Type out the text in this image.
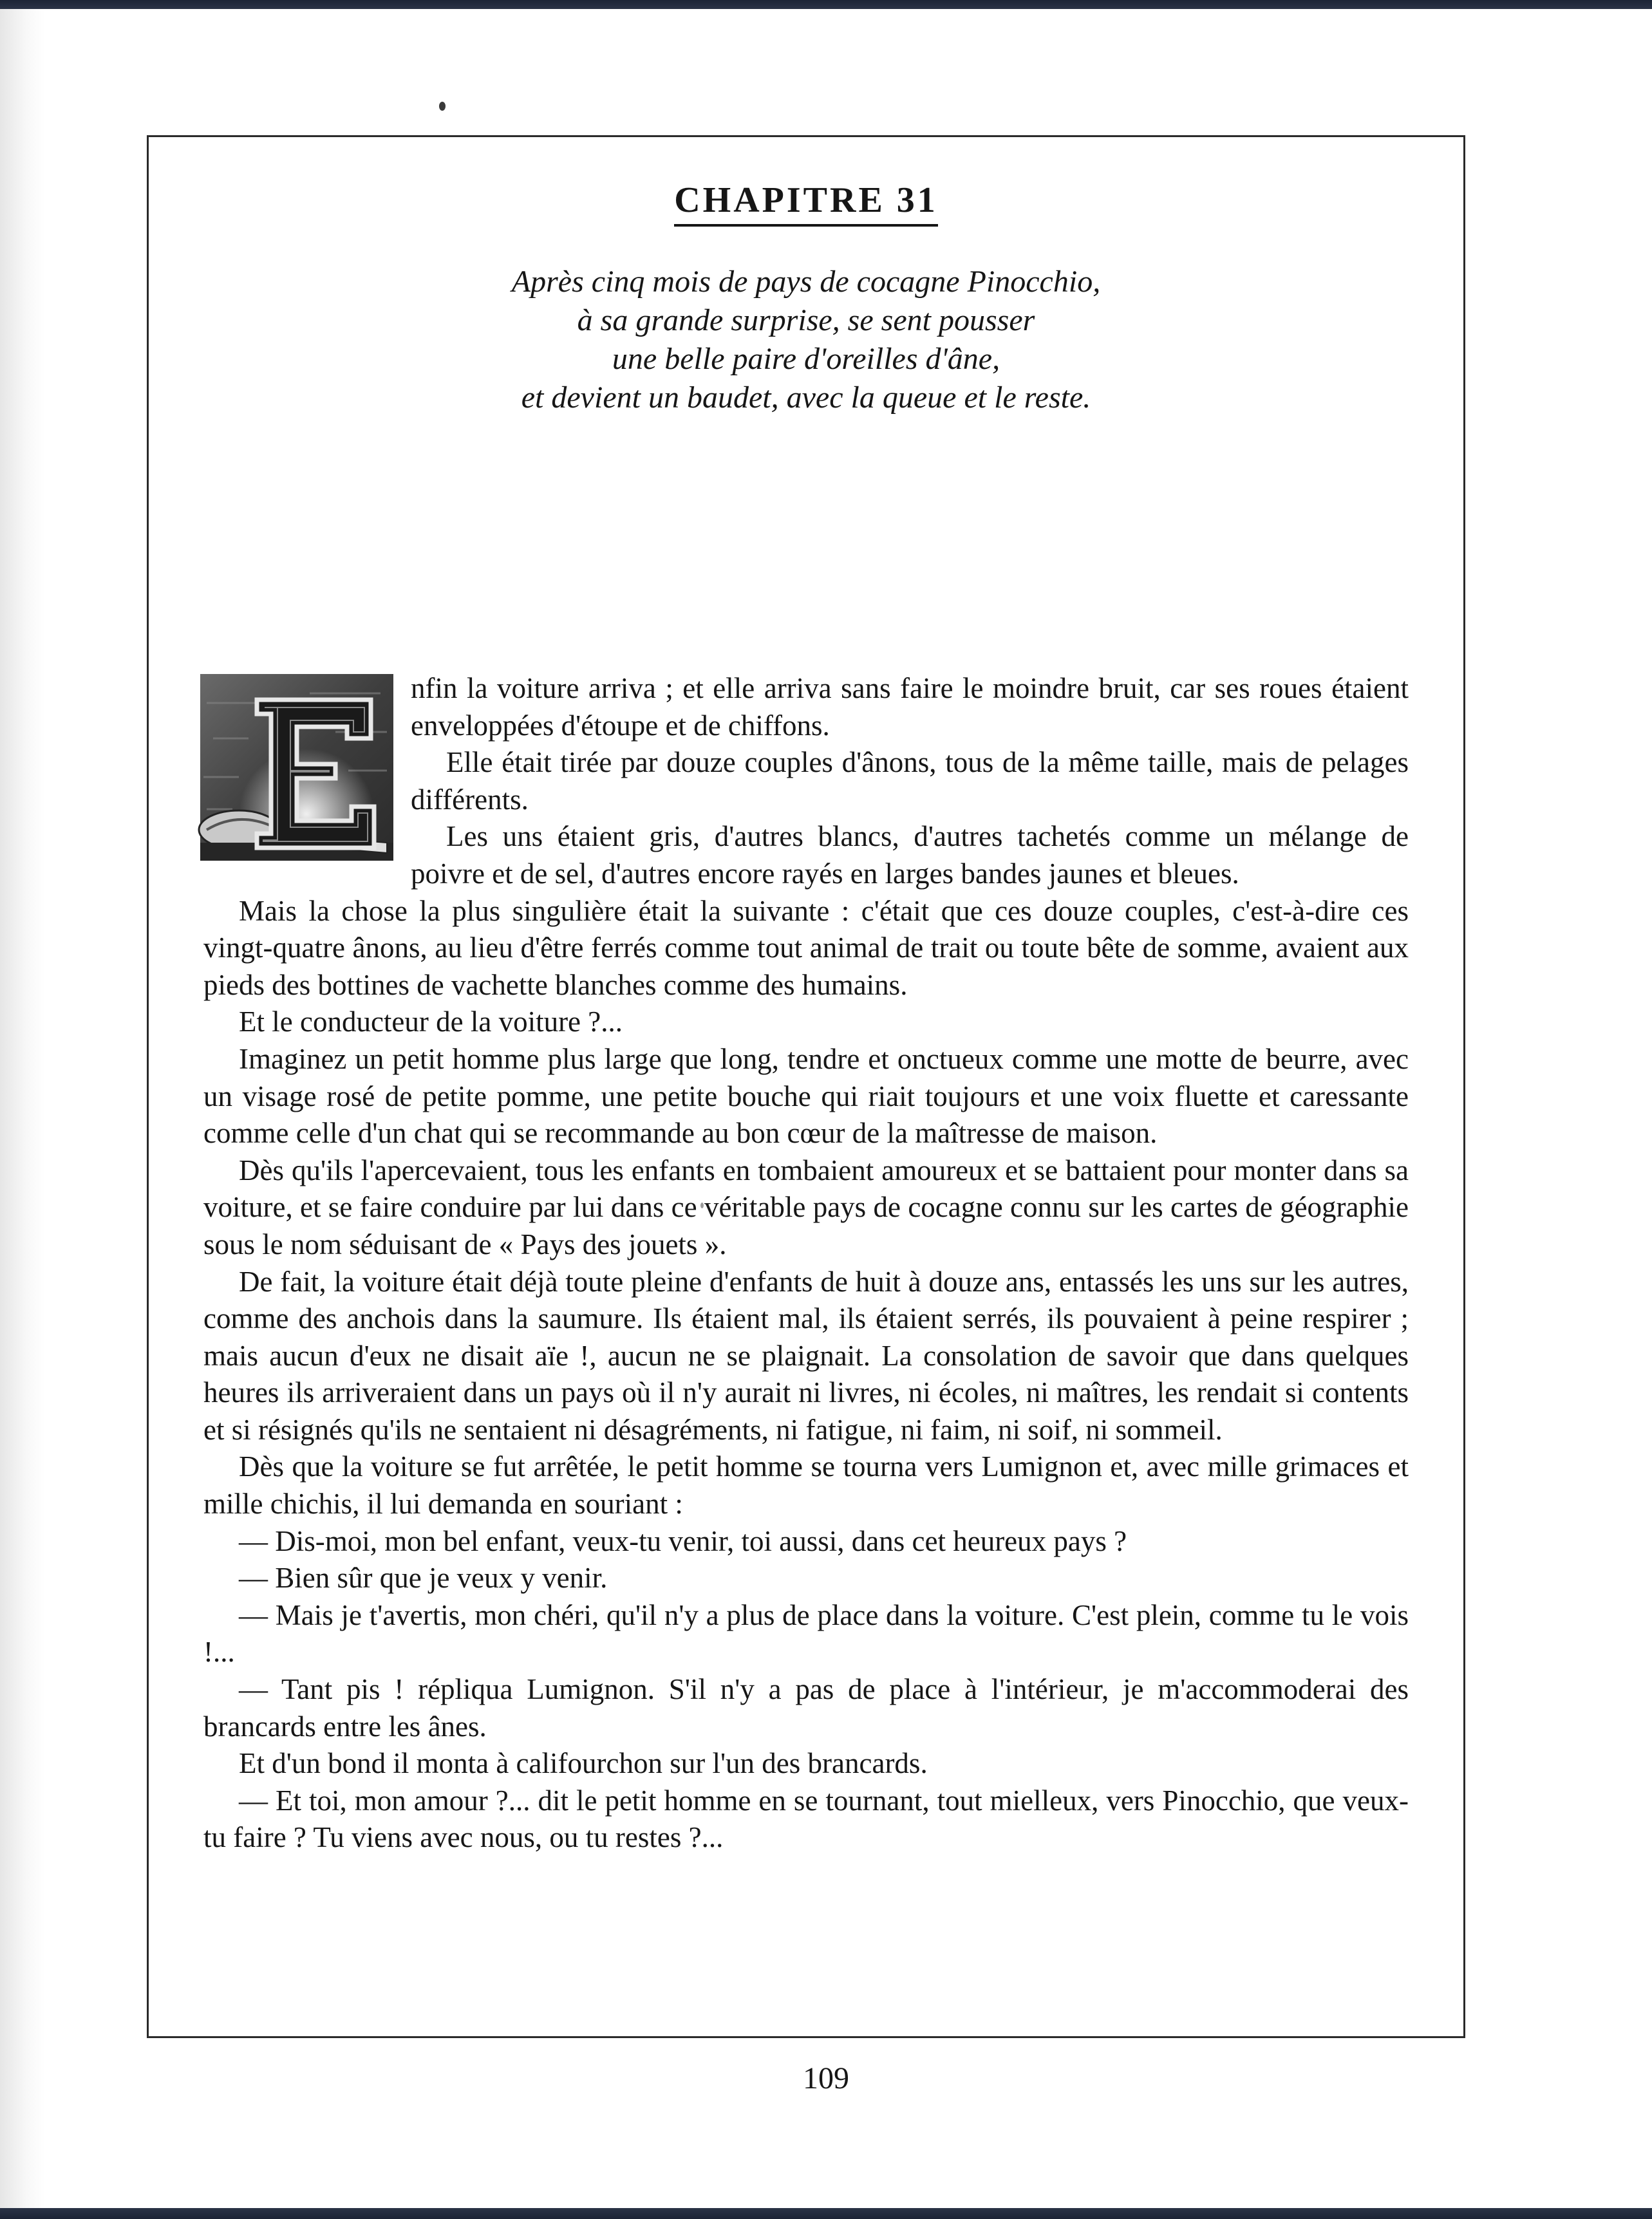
CHAPITRE 31
Après cinq mois de pays de cocagne Pinocchio,
à sa grande surprise, se sent pousser
une belle paire d'oreilles d'âne,
et devient un baudet, avec la queue et le reste.

nfin la voiture arriva ; et elle arriva sans faire le moindre bruit, car ses roues étaient enveloppées d'étoupe et de chiffons.

Elle était tirée par douze couples d'ânons, tous de la même taille, mais de pelages différents.

Les uns étaient gris, d'autres blancs, d'autres tachetés comme un mélange de poivre et de sel, d'autres encore rayés en larges bandes jaunes et bleues.

Mais la chose la plus singulière était la suivante : c'était que ces douze couples, c'est-à-dire ces vingt-quatre ânons, au lieu d'être ferrés comme tout animal de trait ou toute bête de somme, avaient aux pieds des bottines de vachette blanches comme des humains.

Et le conducteur de la voiture ?...

Imaginez un petit homme plus large que long, tendre et onctueux comme une motte de beurre, avec un visage rosé de petite pomme, une petite bouche qui riait toujours et une voix fluette et caressante comme celle d'un chat qui se recommande au bon cœur de la maîtresse de maison.

Dès qu'ils l'apercevaient, tous les enfants en tombaient amoureux et se battaient pour monter dans sa voiture, et se faire conduire par lui dans ce véritable pays de cocagne connu sur les cartes de géographie sous le nom séduisant de « Pays des jouets ».

De fait, la voiture était déjà toute pleine d'enfants de huit à douze ans, entassés les uns sur les autres, comme des anchois dans la saumure. Ils étaient mal, ils étaient serrés, ils pouvaient à peine respirer ; mais aucun d'eux ne disait aïe !, aucun ne se plaignait. La consolation de savoir que dans quelques heures ils arriveraient dans un pays où il n'y aurait ni livres, ni écoles, ni maîtres, les rendait si contents et si résignés qu'ils ne sentaient ni désagréments, ni fatigue, ni faim, ni soif, ni sommeil.

Dès que la voiture se fut arrêtée, le petit homme se tourna vers Lumignon et, avec mille grimaces et mille chichis, il lui demanda en souriant :

— Dis-moi, mon bel enfant, veux-tu venir, toi aussi, dans cet heureux pays ?

— Bien sûr que je veux y venir.

— Mais je t'avertis, mon chéri, qu'il n'y a plus de place dans la voiture. C'est plein, comme tu le vois !...

— Tant pis ! répliqua Lumignon. S'il n'y a pas de place à l'intérieur, je m'accommoderai des brancards entre les ânes.

Et d'un bond il monta à califourchon sur l'un des brancards.

— Et toi, mon amour ?... dit le petit homme en se tournant, tout mielleux, vers Pinocchio, que veux-tu faire ? Tu viens avec nous, ou tu restes ?...

109
